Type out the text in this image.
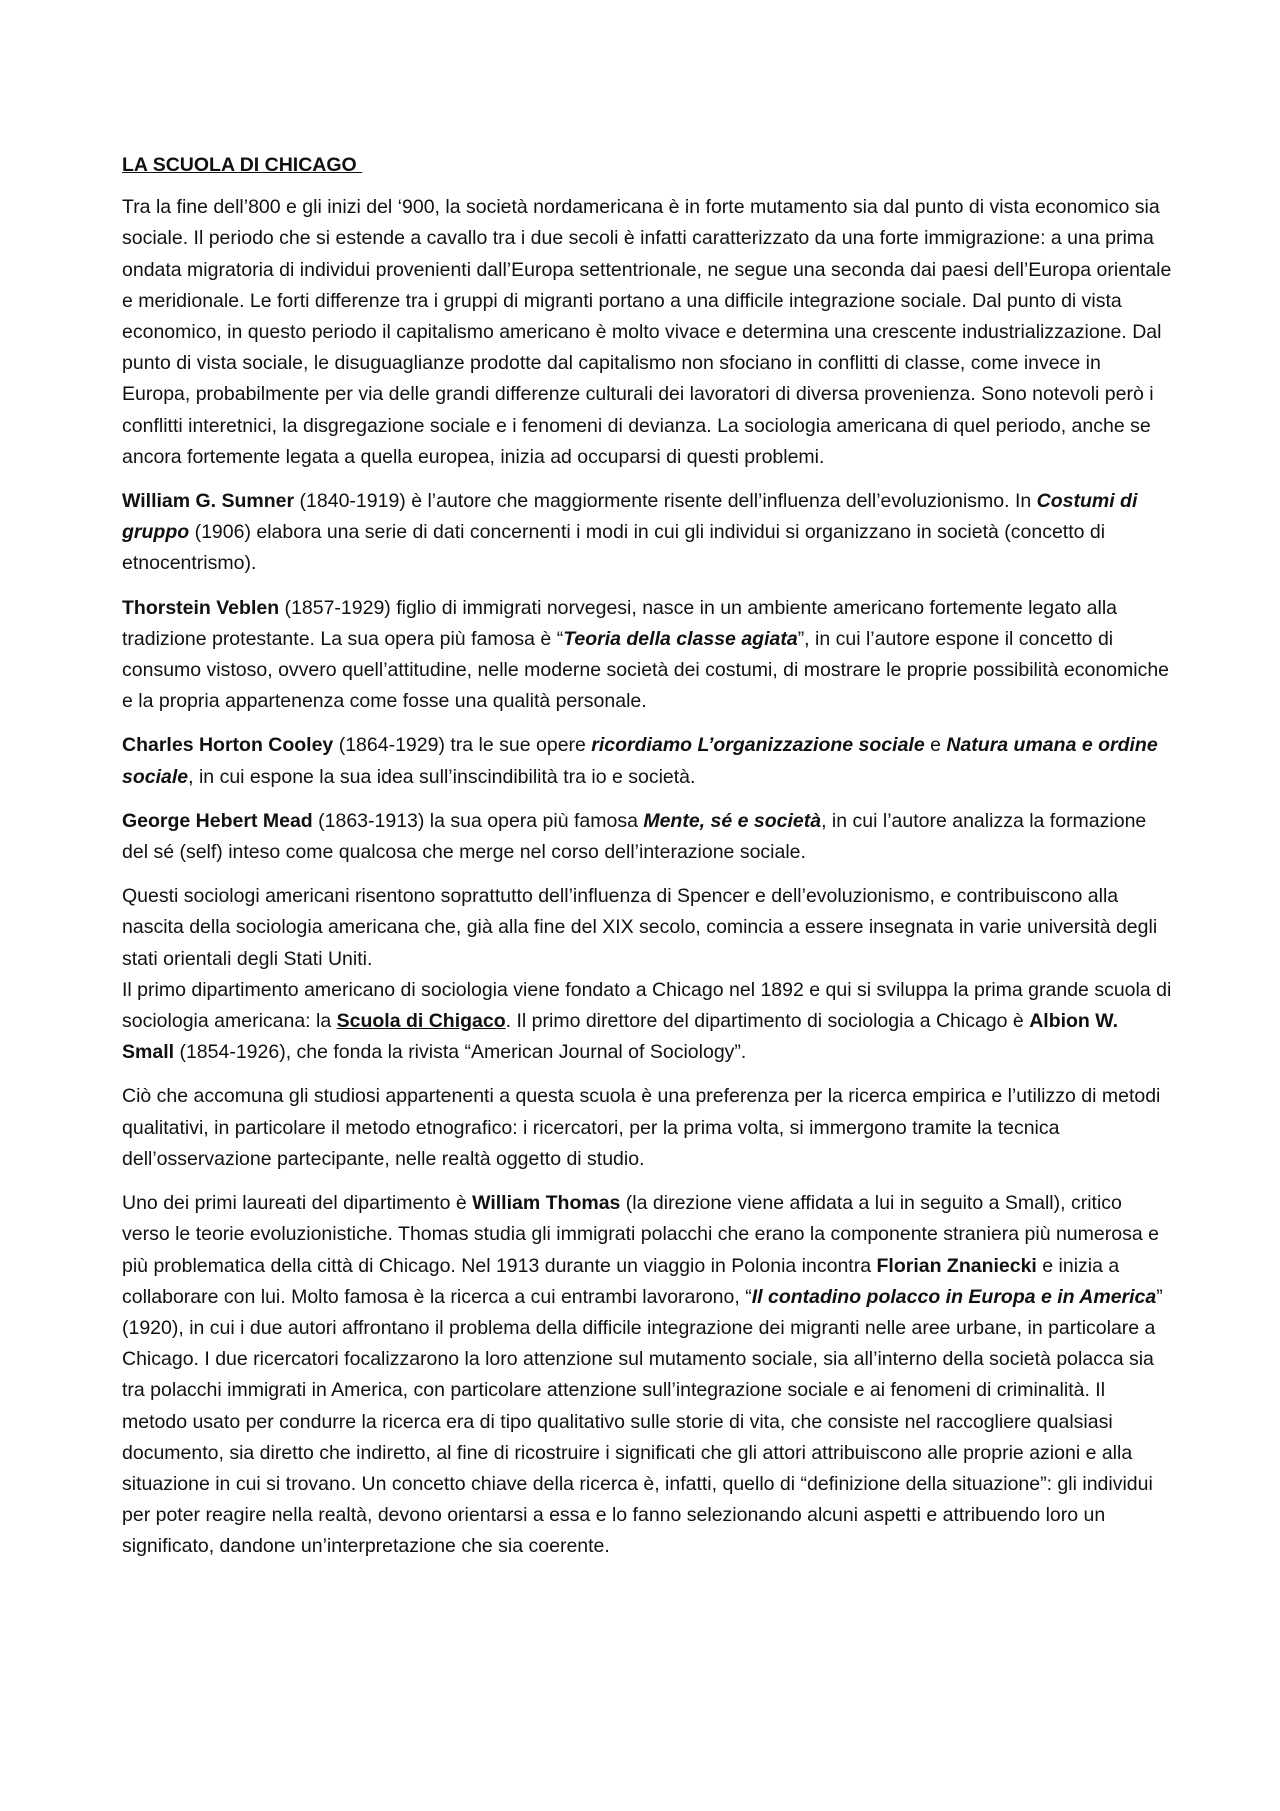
LA SCUOLA DI CHICAGO

Tra la fine dell’800 e gli inizi del ‘900, la società nordamericana è in forte mutamento sia dal punto di vista economico sia sociale. Il periodo che si estende a cavallo tra i due secoli è infatti caratterizzato da una forte immigrazione: a una prima ondata migratoria di individui provenienti dall’Europa settentrionale, ne segue una seconda dai paesi dell’Europa orientale e meridionale. Le forti differenze tra i gruppi di migranti portano a una difficile integrazione sociale. Dal punto di vista economico, in questo periodo il capitalismo americano è molto vivace e determina una crescente industrializzazione. Dal punto di vista sociale, le disuguaglianze prodotte dal capitalismo non sfociano in conflitti di classe, come invece in Europa, probabilmente per via delle grandi differenze culturali dei lavoratori di diversa provenienza. Sono notevoli però i conflitti interetnici, la disgregazione sociale e i fenomeni di devianza. La sociologia americana di quel periodo, anche se ancora fortemente legata a quella europea, inizia ad occuparsi di questi problemi.

William G. Sumner (1840-1919) è l’autore che maggiormente risente dell’influenza dell’evoluzionismo. In Costumi di gruppo (1906) elabora una serie di dati concernenti i modi in cui gli individui si organizzano in società (concetto di etnocentrismo).

Thorstein Veblen (1857-1929) figlio di immigrati norvegesi, nasce in un ambiente americano fortemente legato alla tradizione protestante. La sua opera più famosa è “Teoria della classe agiata”, in cui l’autore espone il concetto di consumo vistoso, ovvero quell’attitudine, nelle moderne società dei costumi, di mostrare le proprie possibilità economiche e la propria appartenenza come fosse una qualità personale.

Charles Horton Cooley (1864-1929) tra le sue opere ricordiamo L’organizzazione sociale e Natura umana e ordine sociale, in cui espone la sua idea sull’inscindibilità tra io e società.

George Hebert Mead (1863-1913) la sua opera più famosa Mente, sé e società, in cui l’autore analizza la formazione del sé (self) inteso come qualcosa che merge nel corso dell’interazione sociale.

Questi sociologi americani risentono soprattutto dell’influenza di Spencer e dell’evoluzionismo, e contribuiscono alla nascita della sociologia americana che, già alla fine del XIX secolo, comincia a essere insegnata in varie università degli stati orientali degli Stati Uniti.

Il primo dipartimento americano di sociologia viene fondato a Chicago nel 1892 e qui si sviluppa la prima grande scuola di sociologia americana: la Scuola di Chigaco. Il primo direttore del dipartimento di sociologia a Chicago è Albion W. Small (1854-1926), che fonda la rivista “American Journal of Sociology”.

Ciò che accomuna gli studiosi appartenenti a questa scuola è una preferenza per la ricerca empirica e l’utilizzo di metodi qualitativi, in particolare il metodo etnografico: i ricercatori, per la prima volta, si immergono tramite la tecnica dell’osservazione partecipante, nelle realtà oggetto di studio.

Uno dei primi laureati del dipartimento è William Thomas (la direzione viene affidata a lui in seguito a Small), critico verso le teorie evoluzionistiche. Thomas studia gli immigrati polacchi che erano la componente straniera più numerosa e più problematica della città di Chicago. Nel 1913 durante un viaggio in Polonia incontra Florian Znaniecki e inizia a collaborare con lui. Molto famosa è la ricerca a cui entrambi lavorarono, “Il contadino polacco in Europa e in America” (1920), in cui i due autori affrontano il problema della difficile integrazione dei migranti nelle aree urbane, in particolare a Chicago. I due ricercatori focalizzarono la loro attenzione sul mutamento sociale, sia all’interno della società polacca sia tra polacchi immigrati in America, con particolare attenzione sull’integrazione sociale e ai fenomeni di criminalità. Il metodo usato per condurre la ricerca era di tipo qualitativo sulle storie di vita, che consiste nel raccogliere qualsiasi documento, sia diretto che indiretto, al fine di ricostruire i significati che gli attori attribuiscono alle proprie azioni e alla situazione in cui si trovano. Un concetto chiave della ricerca è, infatti, quello di “definizione della situazione”: gli individui per poter reagire nella realtà, devono orientarsi a essa e lo fanno selezionando alcuni aspetti e attribuendo loro un significato, dandone un’interpretazione che sia coerente.
